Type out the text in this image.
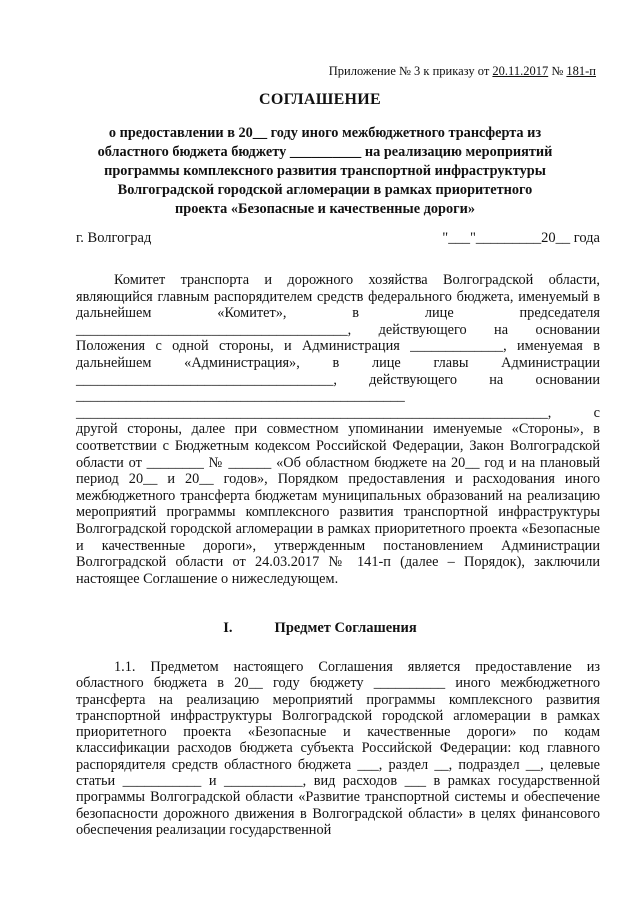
Приложение № 3 к приказу от 20.11.2017 № 181-п
СОГЛАШЕНИЕ
о предоставлении в 20__ году иного межбюджетного трансферта из областного бюджета бюджету __________ на реализацию мероприятий программы комплексного развития транспортной инфраструктуры Волгоградской городской агломерации в рамках приоритетного проекта «Безопасные и качественные дороги»
г. Волгоград	"___"_________20__ года

Комитет транспорта и дорожного хозяйства Волгоградской области, являющийся главным распорядителем средств федерального бюджета, именуемый в дальнейшем «Комитет», в лице председателя ______________________________________, действующего на основании Положения с одной стороны, и Администрация _____________, именуемая в дальнейшем «Администрация», в лице главы Администрации ____________________________________, действующего на основании ______________________________________________ __________________________________________________________________, с другой стороны, далее при совместном упоминании именуемые «Стороны», в соответствии с Бюджетным кодексом Российской Федерации, Закон Волгоградской области от ________ № ______ «Об областном бюджете на 20__ год и на плановый период 20__ и 20__ годов», Порядком предоставления и расходования иного межбюджетного трансферта бюджетам муниципальных образований на реализацию мероприятий программы комплексного развития транспортной инфраструктуры Волгоградской городской агломерации в рамках приоритетного проекта «Безопасные и качественные дороги», утвержденным постановлением Администрации Волгоградской области от 24.03.2017 № 141-п (далее – Порядок), заключили настоящее Соглашение о нижеследующем.

I.	Предмет Соглашения

1.1. Предметом настоящего Соглашения является предоставление из областного бюджета в 20__ году бюджету __________ иного межбюджетного трансферта на реализацию мероприятий программы комплексного развития транспортной инфраструктуры Волгоградской городской агломерации в рамках приоритетного проекта «Безопасные и качественные дороги» по кодам классификации расходов бюджета субъекта Российской Федерации: код главного распорядителя средств областного бюджета ___, раздел __, подраздел __, целевые статьи ___________ и ___________, вид расходов ___ в рамках государственной программы Волгоградской области «Развитие транспортной системы и обеспечение безопасности дорожного движения в Волгоградской области» в целях финансового обеспечения реализации государственной
